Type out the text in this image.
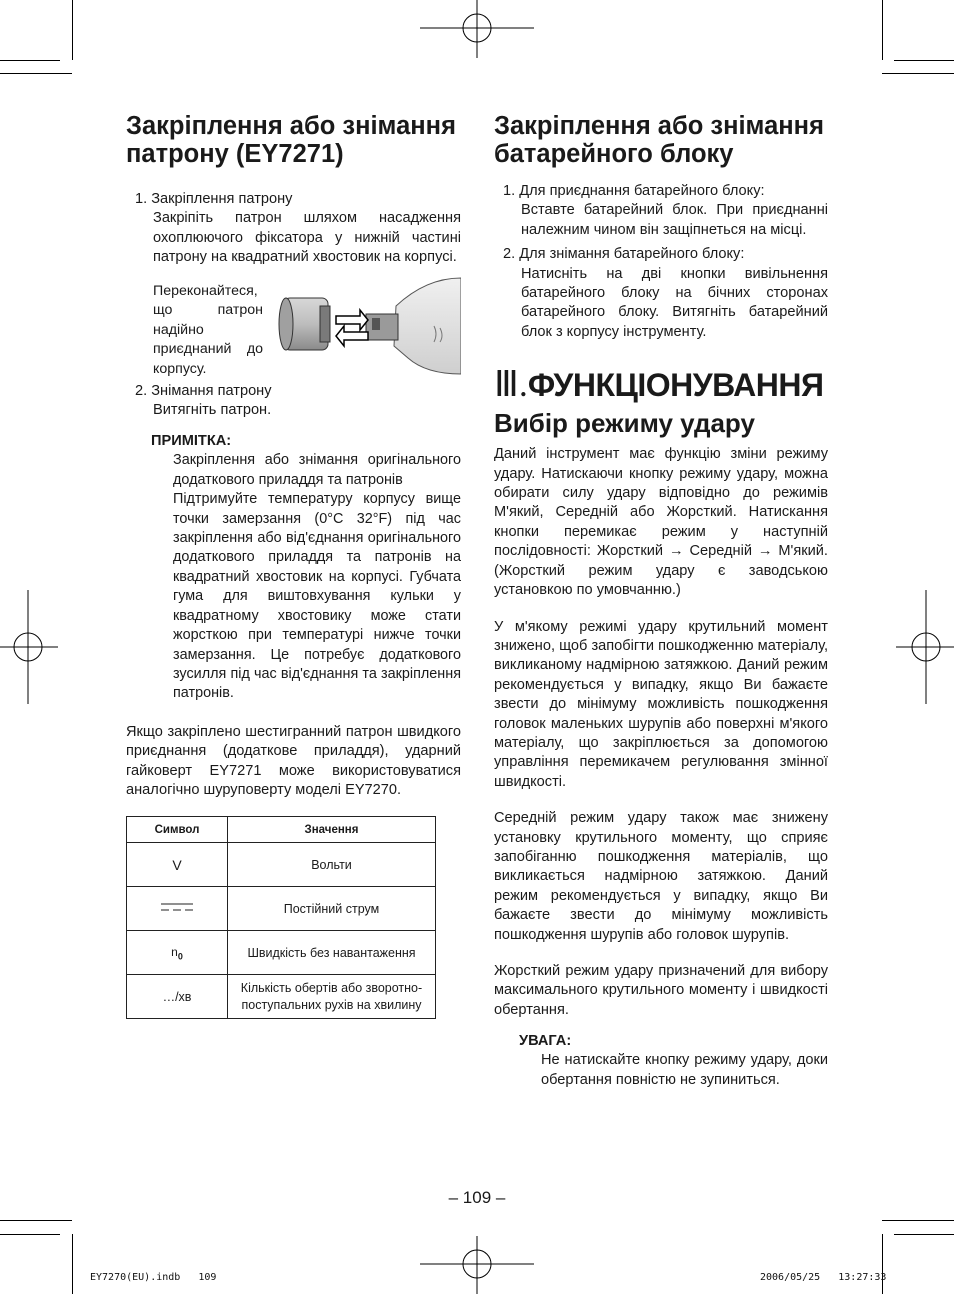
Закріплення або знімання патрону (EY7271)
1. Закріплення патрону
Закріпіть патрон шляхом насадження охоплюючого фіксатора у нижній частині патрону на квадратний хвостовик на корпусі.
Переконайтеся, що патрон надійно приєднаний до корпусу.
2. Знімання патрону
Витягніть патрон.
ПРИМІТКА:
Закріплення або знімання оригінального додаткового приладдя та патронів
Підтримуйте температуру корпусу вище точки замерзання (0°С 32°F) під час закріплення або від'єднання оригінального додаткового приладдя та патронів на квадратний хвостовик на корпусі. Губчата гума для виштовхування кульки у квадратному хвостовику може стати жорсткою при температурі нижче точки замерзання. Це потребує додаткового зусилля під час від'єднання та закріплення патронів.
Якщо закріплено шестигранний патрон швидкого приєднання (додаткове приладдя), ударний гайковерт EY7271 може використовуватися аналогічно шуруповерту моделі EY7270.
Символ	Значення
V	Вольти
	Постійний струм
$n_0$	Швидкість без навантаження
…/хв	Кількість обертів або зворотно-поступальних рухів на хвилину
Закріплення або знімання батарейного блоку
1. Для приєднання батарейного блоку:
Вставте батарейний блок. При приєднанні належним чином він защіпнеться на місці.
2. Для знімання батарейного блоку:
Натисніть на дві кнопки вивільнення батарейного блоку на бічних сторонах батарейного блоку. Витягніть батарейний блок з корпусу інструменту.
Ⅲ.ФУНКЦІОНУВАННЯ
Вибір режиму удару
Даний інструмент має функцію зміни режиму удару. Натискаючи кнопку режиму удару, можна обирати силу удару відповідно до режимів М'який, Середній або Жорсткий. Натискання кнопки перемикає режим у наступній послідовності: Жорсткий → Середній → М'який. (Жорсткий режим удару є заводською установкою по умовчанню.)
У м'якому режимі удару крутильний момент знижено, щоб запобігти пошкодженню матеріалу, викликаному надмірною затяжкою. Даний режим рекомендується у випадку, якщо Ви бажаєте звести до мінімуму можливість пошкодження головок маленьких шурупів або поверхні м'якого матеріалу, що закріплюється за допомогою управління перемикачем регулювання змінної швидкості.
Середній режим удару також має знижену установку крутильного моменту, що сприяє запобіганню пошкодження матеріалів, що викликається надмірною затяжкою. Даний режим рекомендується у випадку, якщо Ви бажаєте звести до мінімуму можливість пошкодження шурупів або головок шурупів.
Жорсткий режим удару призначений для вибору максимального крутильного моменту і швидкості обертання.
УВАГА:
Не натискайте кнопку режиму удару, доки обертання повністю не зупиниться.
– 109 –
EY7270(EU).indb   109	2006/05/25   13:27:33
